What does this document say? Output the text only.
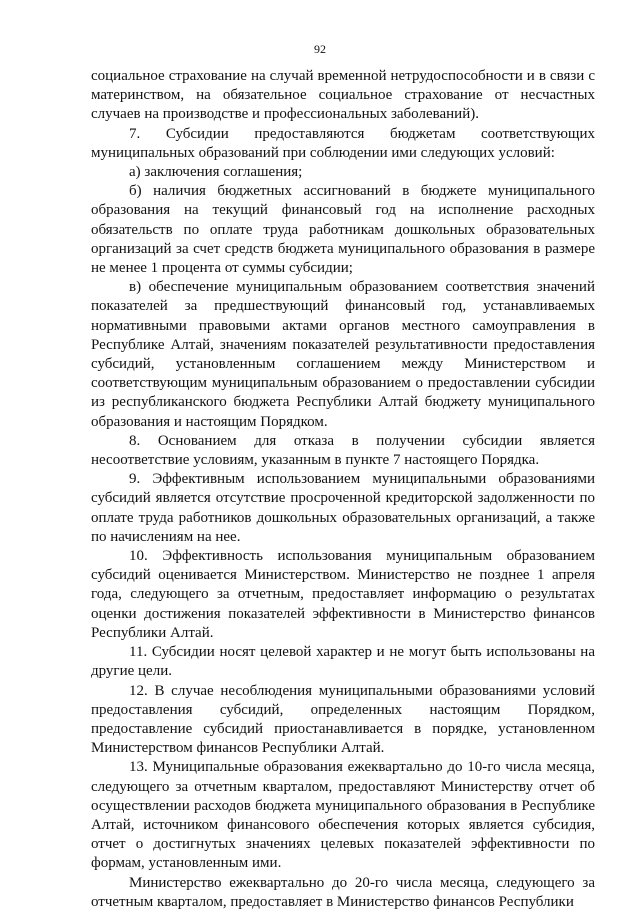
92

социальное страхование на случай временной нетрудоспособности и в связи с материнством, на обязательное социальное страхование от несчастных случаев на производстве и профессиональных заболеваний).

7. Субсидии предоставляются бюджетам соответствующих муниципальных образований при соблюдении ими следующих условий:

а) заключения соглашения;

б) наличия бюджетных ассигнований в бюджете муниципального образования на текущий финансовый год на исполнение расходных обязательств по оплате труда работникам дошкольных образовательных организаций за счет средств бюджета муниципального образования в размере не менее 1 процента от суммы субсидии;

в) обеспечение муниципальным образованием соответствия значений показателей за предшествующий финансовый год, устанавливаемых нормативными правовыми актами органов местного самоуправления в Республике Алтай, значениям показателей результативности предоставления субсидий, установленным соглашением между Министерством и соответствующим муниципальным образованием о предоставлении субсидии из республиканского бюджета Республики Алтай бюджету муниципального образования и настоящим Порядком.

8. Основанием для отказа в получении субсидии является несоответствие условиям, указанным в пункте 7 настоящего Порядка.

9. Эффективным использованием муниципальными образованиями субсидий является отсутствие просроченной кредиторской задолженности по оплате труда работников дошкольных образовательных организаций, а также по начислениям на нее.

10. Эффективность использования муниципальным образованием субсидий оценивается Министерством. Министерство не позднее 1 апреля года, следующего за отчетным, предоставляет информацию о результатах оценки достижения показателей эффективности в Министерство финансов Республики Алтай.

11. Субсидии носят целевой характер и не могут быть использованы на другие цели.

12. В случае несоблюдения муниципальными образованиями условий предоставления субсидий, определенных настоящим Порядком, предоставление субсидий приостанавливается в порядке, установленном Министерством финансов Республики Алтай.

13. Муниципальные образования ежеквартально до 10-го числа месяца, следующего за отчетным кварталом, предоставляют Министерству отчет об осуществлении расходов бюджета муниципального образования в Республике Алтай, источником финансового обеспечения которых является субсидия, отчет о достигнутых значениях целевых показателей эффективности по формам, установленным ими.

Министерство ежеквартально до 20-го числа месяца, следующего за отчетным кварталом, предоставляет в Министерство финансов Республики
